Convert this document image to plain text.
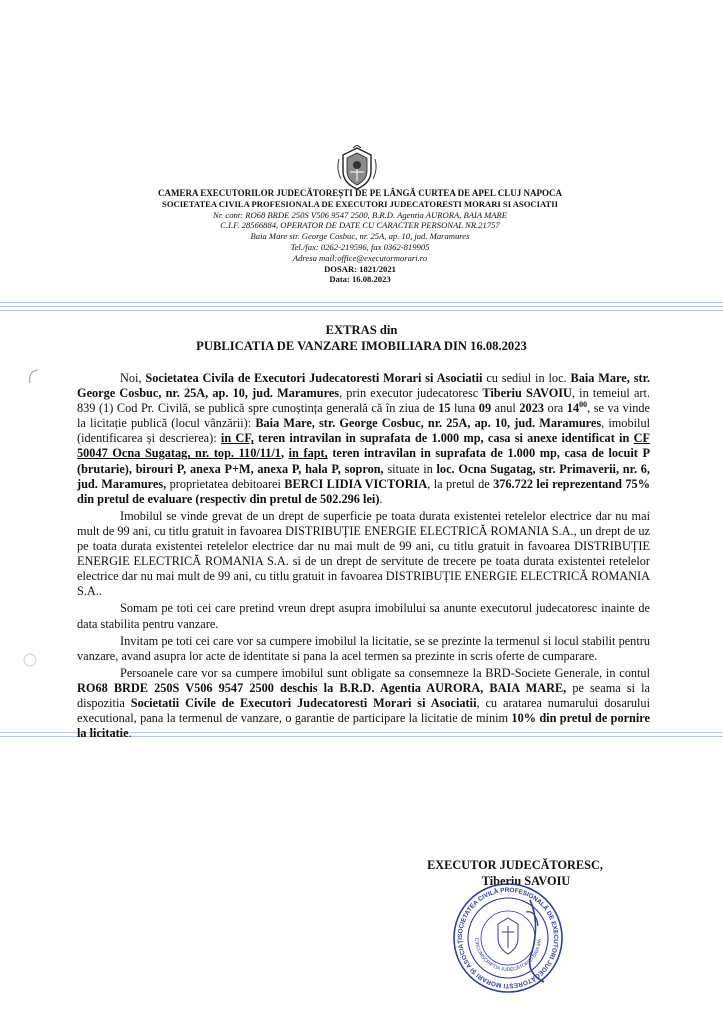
CAMERA EXECUTORILOR JUDECĂTOREȘTI DE PE LÂNGĂ CURTEA DE APEL CLUJ NAPOCA
SOCIETATEA CIVILA PROFESIONALA DE EXECUTORI JUDECATORESTI MORARI SI ASOCIATII
Nr. cont: RO68 BRDE 250S V506 9547 2500, B.R.D. Agentia AURORA, BAIA MARE
C.I.F. 28566884, OPERATOR DE DATE CU CARACTER PERSONAL NR.21757
Baia Mare str. George Cosbuc, nr. 25A, ap. 10, jud. Maramures
Tel./fax: 0262-219596, fax 0362-819905
Adresa mail:office@executormorari.ro
DOSAR: 1821/2021
Data: 16.08.2023
EXTRAS din
PUBLICATIA DE VANZARE IMOBILIARA DIN 16.08.2023

Noi, Societatea Civila de Executori Judecatoresti Morari si Asociatii cu sediul in loc. Baia Mare, str. George Cosbuc, nr. 25A, ap. 10, jud. Maramures, prin executor judecatoresc Tiberiu SAVOIU, in temeiul art. 839 (1) Cod Pr. Civilă, se publică spre cunoștința generală că în ziua de 15 luna 09 anul 2023 ora $14^{00}$, se va vinde la licitație publică (locul vânzării): Baia Mare, str. George Cosbuc, nr. 25A, ap. 10, jud. Maramures, imobilul (identificarea și descrierea): in CF, teren intravilan in suprafata de 1.000 mp, casa si anexe identificat in CF 50047 Ocna Sugatag, nr. top. 110/11/1, in fapt, teren intravilan in suprafata de 1.000 mp, casa de locuit P (brutarie), birouri P, anexa P+M, anexa P, hala P, sopron, situate in loc. Ocna Sugatag, str. Primaverii, nr. 6, jud. Maramures, proprietatea debitoarei BERCI LIDIA VICTORIA, la pretul de 376.722 lei reprezentand 75% din pretul de evaluare (respectiv din pretul de 502.296 lei).

Imobilul se vinde grevat de un drept de superficie pe toata durata existentei retelelor electrice dar nu mai mult de 99 ani, cu titlu gratuit in favoarea DISTRIBUȚIE ENERGIE ELECTRICĂ ROMANIA S.A., un drept de uz pe toata durata existentei retelelor electrice dar nu mai mult de 99 ani, cu titlu gratuit in favoarea DISTRIBUȚIE ENERGIE ELECTRICĂ ROMANIA S.A. si de un drept de servitute de trecere pe toata durata existentei retelelor electrice dar nu mai mult de 99 ani, cu titlu gratuit in favoarea DISTRIBUȚIE ENERGIE ELECTRICĂ ROMANIA S.A..

Somam pe toti cei care pretind vreun drept asupra imobilului sa anunte executorul judecatoresc inainte de data stabilita pentru vanzare.

Invitam pe toti cei care vor sa cumpere imobilul la licitatie, se se prezinte la termenul si locul stabilit pentru vanzare, avand asupra lor acte de identitate si pana la acel termen sa prezinte in scris oferte de cumparare.

Persoanele care vor sa cumpere imobilul sunt obligate sa consemneze la BRD-Societe Generale, in contul RO68 BRDE 250S V506 9547 2500 deschis la B.R.D. Agentia AURORA, BAIA MARE, pe seama si la dispozitia Societatii Civile de Executori Judecatoresti Morari si Asociatii, cu aratarea numarului dosarului executional, pana la termenul de vanzare, o garantie de participare la licitatie de minim 10% din pretul de pornire la licitatie.

EXECUTOR JUDECĂTORESC,
Tiberiu SAVOIU
SOCIETATEA CIVILĂ PROFESIONALĂ DE EXECUTORI JUDECĂTOREȘTI MORARI ȘI ASOCIAȚI	CIRCUMSCRIPȚIA JUDECĂTORIEI BAIA MA
